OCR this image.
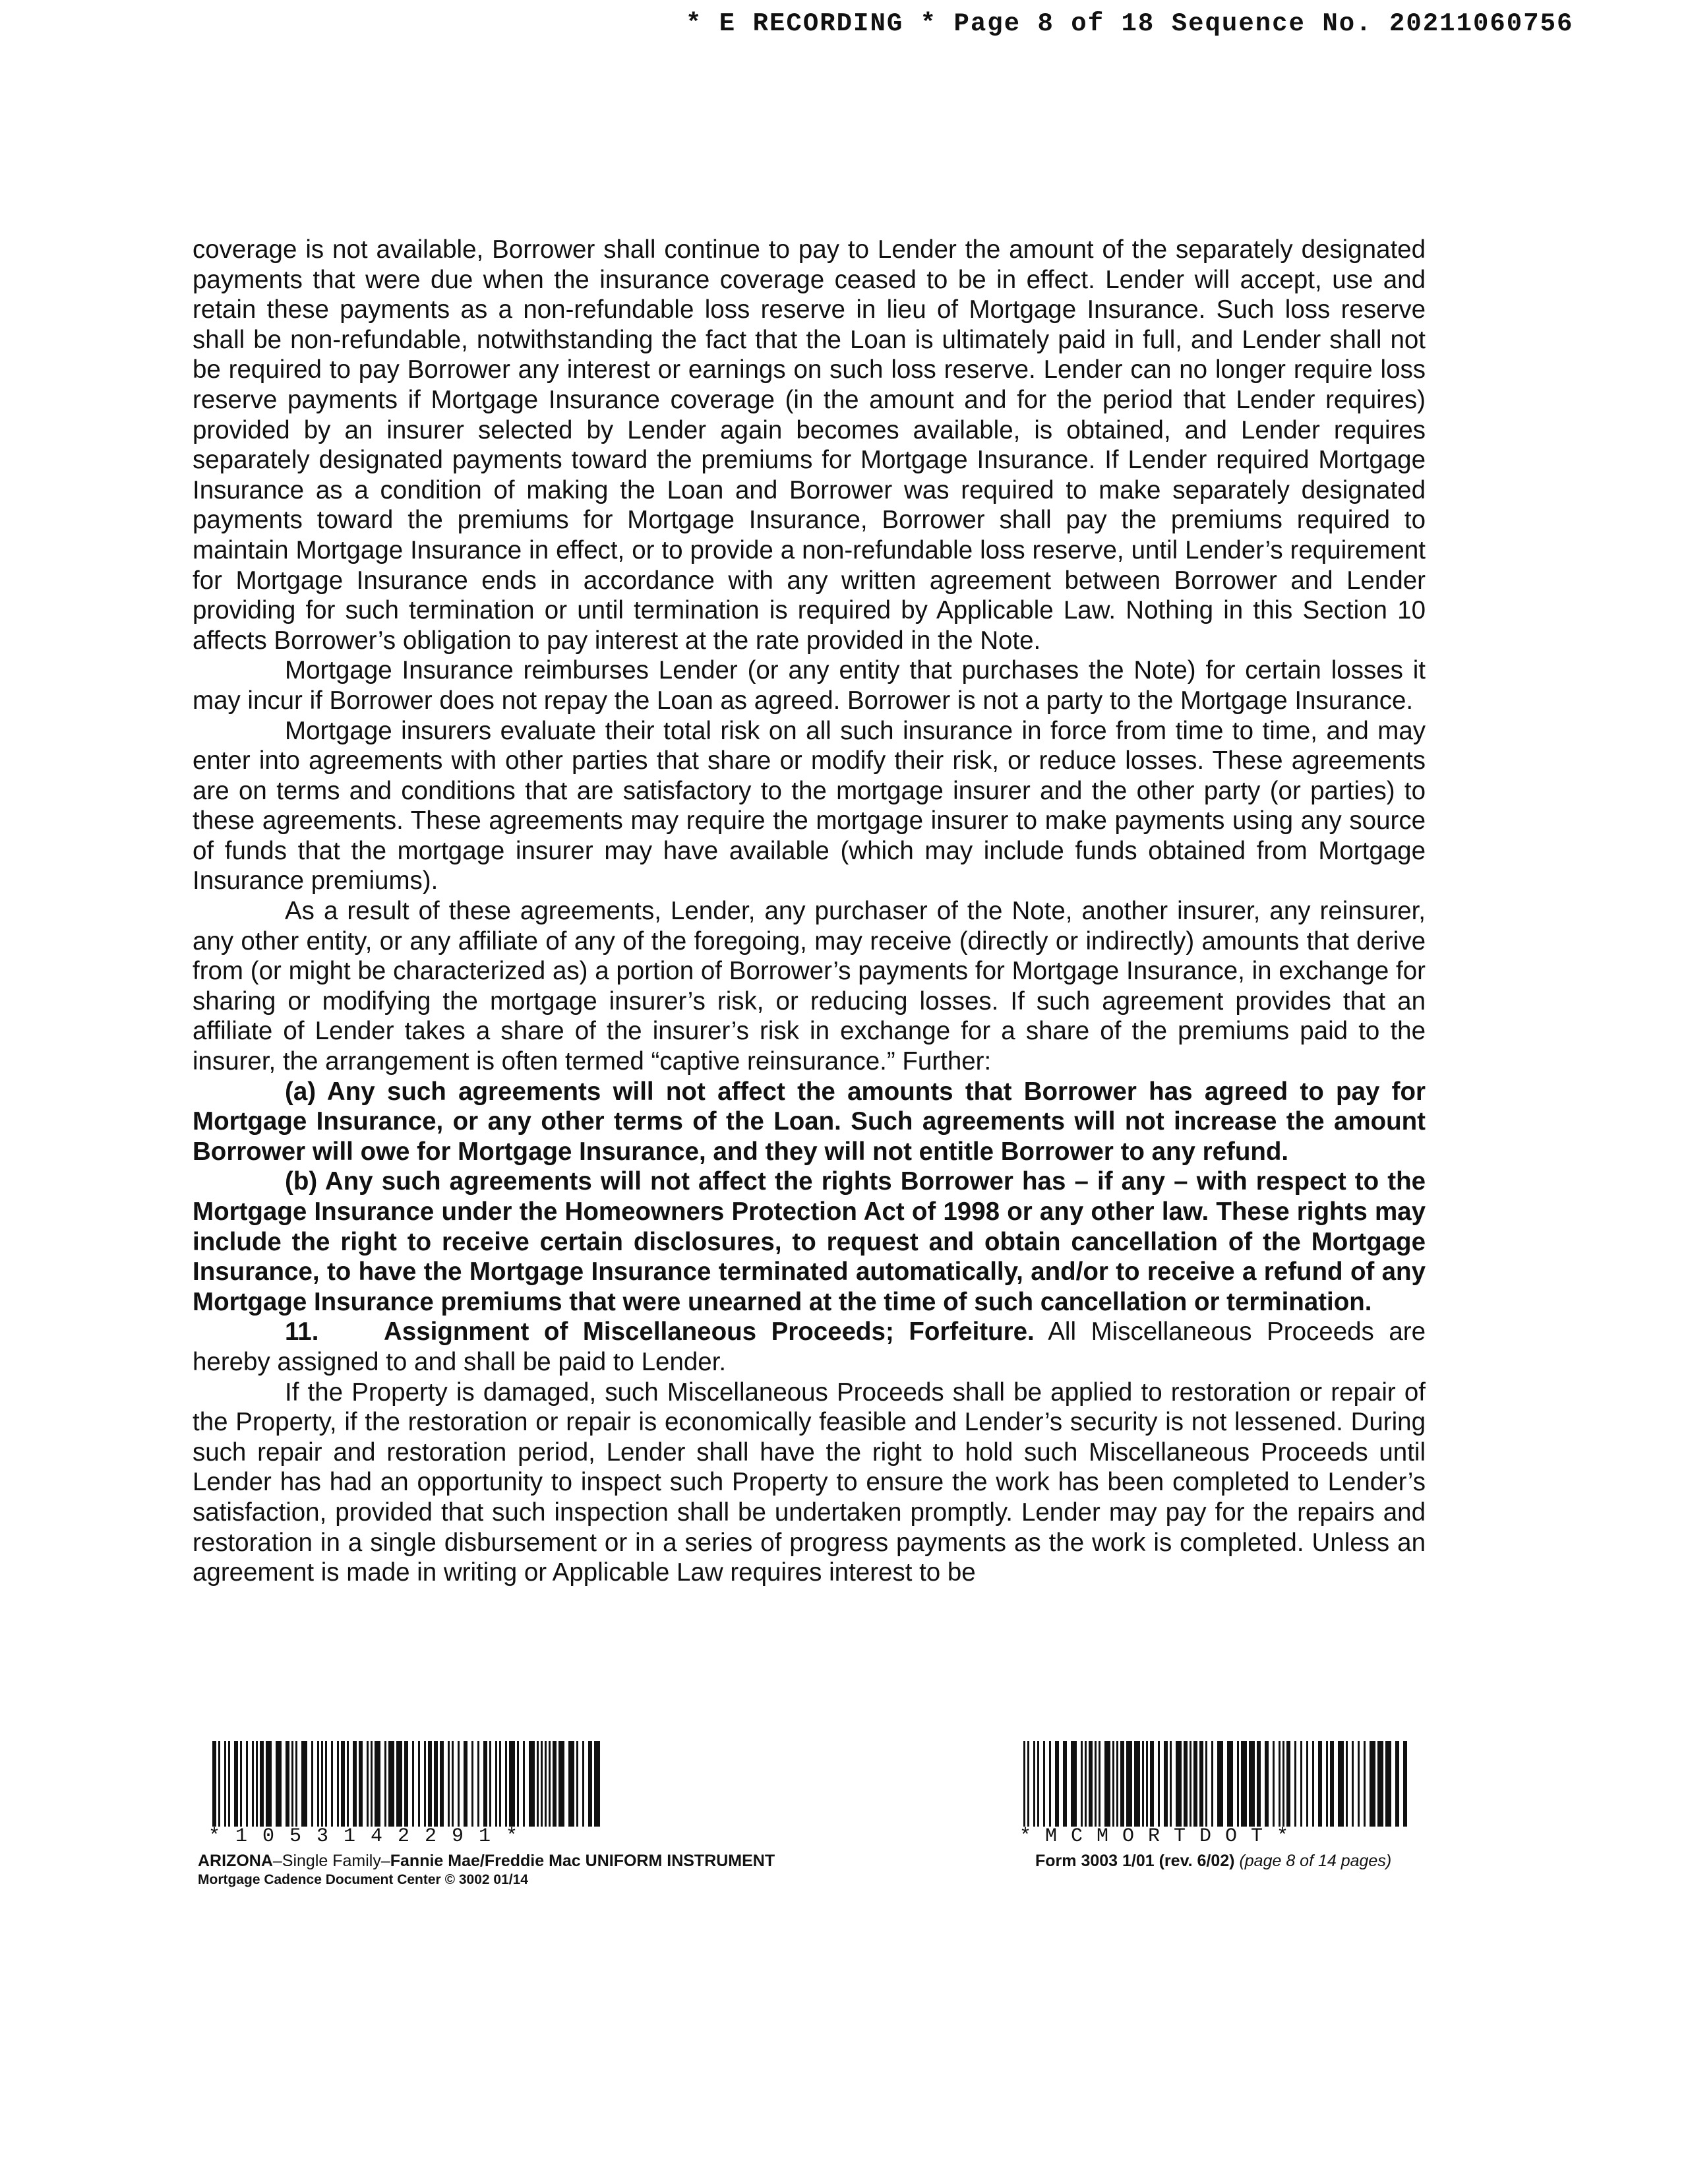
* E RECORDING * Page 8 of 18 Sequence No. 20211060756

coverage is not available, Borrower shall continue to pay to Lender the amount of the separately designated payments that were due when the insurance coverage ceased to be in effect. Lender will accept, use and retain these payments as a non-refundable loss reserve in lieu of Mortgage Insurance. Such loss reserve shall be non-refundable, notwithstanding the fact that the Loan is ultimately paid in full, and Lender shall not be required to pay Borrower any interest or earnings on such loss reserve. Lender can no longer require loss reserve payments if Mortgage Insurance coverage (in the amount and for the period that Lender requires) provided by an insurer selected by Lender again becomes available, is obtained, and Lender requires separately designated payments toward the premiums for Mortgage Insurance. If Lender required Mortgage Insurance as a condition of making the Loan and Borrower was required to make separately designated payments toward the premiums for Mortgage Insurance, Borrower shall pay the premiums required to maintain Mortgage Insurance in effect, or to provide a non-refundable loss reserve, until Lender’s requirement for Mortgage Insurance ends in accordance with any written agreement between Borrower and Lender providing for such termination or until termination is required by Applicable Law. Nothing in this Section 10 affects Borrower’s obligation to pay interest at the rate provided in the Note.

Mortgage Insurance reimburses Lender (or any entity that purchases the Note) for certain losses it may incur if Borrower does not repay the Loan as agreed. Borrower is not a party to the Mortgage Insurance.

Mortgage insurers evaluate their total risk on all such insurance in force from time to time, and may enter into agreements with other parties that share or modify their risk, or reduce losses. These agreements are on terms and conditions that are satisfactory to the mortgage insurer and the other party (or parties) to these agreements. These agreements may require the mortgage insurer to make payments using any source of funds that the mortgage insurer may have available (which may include funds obtained from Mortgage Insurance premiums).

As a result of these agreements, Lender, any purchaser of the Note, another insurer, any reinsurer, any other entity, or any affiliate of any of the foregoing, may receive (directly or indirectly) amounts that derive from (or might be characterized as) a portion of Borrower’s payments for Mortgage Insurance, in exchange for sharing or modifying the mortgage insurer’s risk, or reducing losses. If such agreement provides that an affiliate of Lender takes a share of the insurer’s risk in exchange for a share of the premiums paid to the insurer, the arrangement is often termed “captive reinsurance.” Further:

(a) Any such agreements will not affect the amounts that Borrower has agreed to pay for Mortgage Insurance, or any other terms of the Loan. Such agreements will not increase the amount Borrower will owe for Mortgage Insurance, and they will not entitle Borrower to any refund.

(b) Any such agreements will not affect the rights Borrower has – if any – with respect to the Mortgage Insurance under the Homeowners Protection Act of 1998 or any other law. These rights may include the right to receive certain disclosures, to request and obtain cancellation of the Mortgage Insurance, to have the Mortgage Insurance terminated automatically, and/or to receive a refund of any Mortgage Insurance premiums that were unearned at the time of such cancellation or termination.

11.	Assignment of Miscellaneous Proceeds; Forfeiture. All Miscellaneous Proceeds are hereby assigned to and shall be paid to Lender.

If the Property is damaged, such Miscellaneous Proceeds shall be applied to restoration or repair of the Property, if the restoration or repair is economically feasible and Lender’s security is not lessened. During such repair and restoration period, Lender shall have the right to hold such Miscellaneous Proceeds until Lender has had an opportunity to inspect such Property to ensure the work has been completed to Lender’s satisfaction, provided that such inspection shall be undertaken promptly. Lender may pay for the repairs and restoration in a single disbursement or in a series of progress payments as the work is completed. Unless an agreement is made in writing or Applicable Law requires interest to be

*1053142291*
ARIZONA–Single Family–Fannie Mae/Freddie Mac UNIFORM INSTRUMENT
Mortgage Cadence Document Center © 3002 01/14
*MCMORTDOT*
Form 3003 1/01 (rev. 6/02) (page 8 of 14 pages)
